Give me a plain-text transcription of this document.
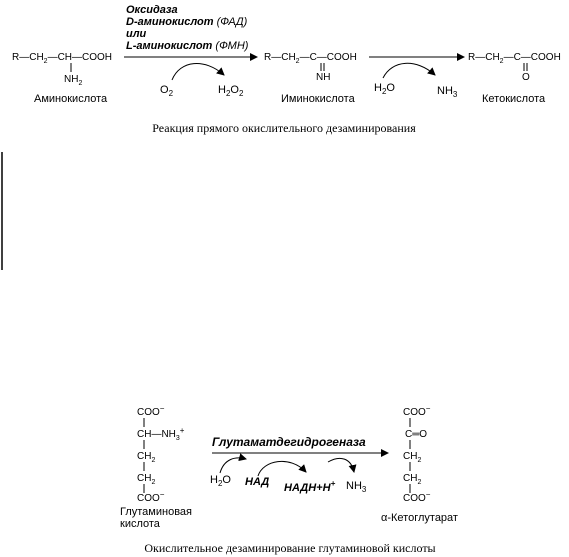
Оксидаза
D-аминокислот (ФАД)
или
L-аминокислот (ФМН)
$R—CH_2—CH—COOH$
$NH_2$
Аминокислота
$O_2$	$H_2O_2$
$R—CH_2—C—COOH$
NH
Иминокислота
$H_2O$	$NH_3$
$R—CH_2—C—COOH$
O
Кетокислота
Реакция прямого окислительного дезаминирования
COO−
$CH—NH_3^+$
$CH_2$
$CH_2$
COO−
Глутаминовая
кислота
Глутаматдегидрогеназа
$H_2O$ НАД НАДН+Н+ $NH_3$
COO−
C═O
$CH_2$
$CH_2$
COO−
α-Кетоглутарат
Окислительное дезаминирование глутаминовой кислоты
